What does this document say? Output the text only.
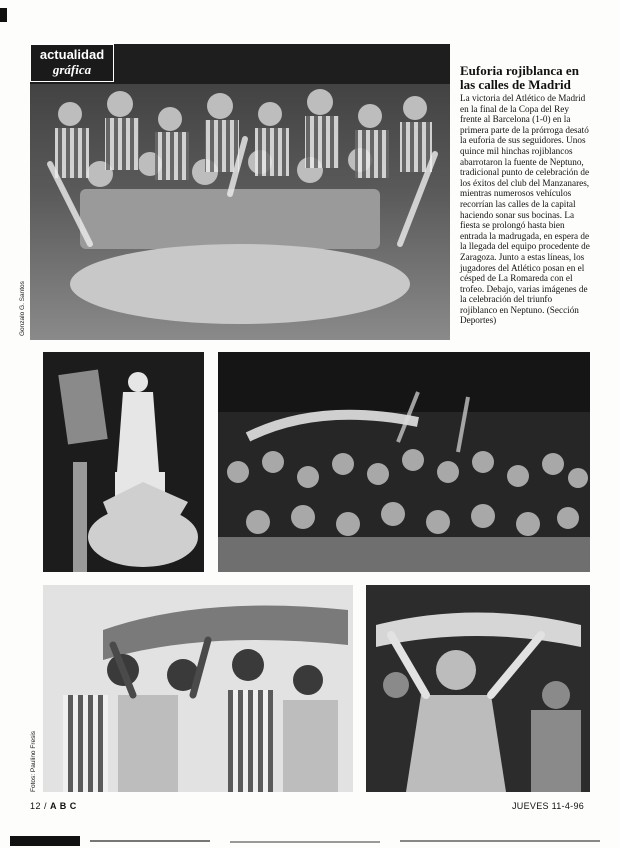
actualidad
gráfica
Gonzalo G. Santos
Euforia rojiblanca en las calles de Madrid

La victoria del Atlético de Madrid en la final de la Copa del Rey frente al Barcelona (1-0) en la primera parte de la prórroga desató la euforia de sus seguidores. Unos quince mil hinchas rojiblancos abarrotaron la fuente de Neptuno, tradicional punto de celebración de los éxitos del club del Manzanares, mientras numerosos vehículos recorrían las calles de la capital haciendo sonar sus bocinas. La fiesta se prolongó hasta bien entrada la madrugada, en espera de la llegada del equipo procedente de Zaragoza. Junto a estas líneas, los jugadores del Atlético posan en el césped de La Romareda con el trofeo. Debajo, varias imágenes de la celebración del triunfo rojiblanco en Neptuno. (Sección Deportes)

Fotos: Paulino Fresis
12 / A B C	JUEVES 11-4-96
